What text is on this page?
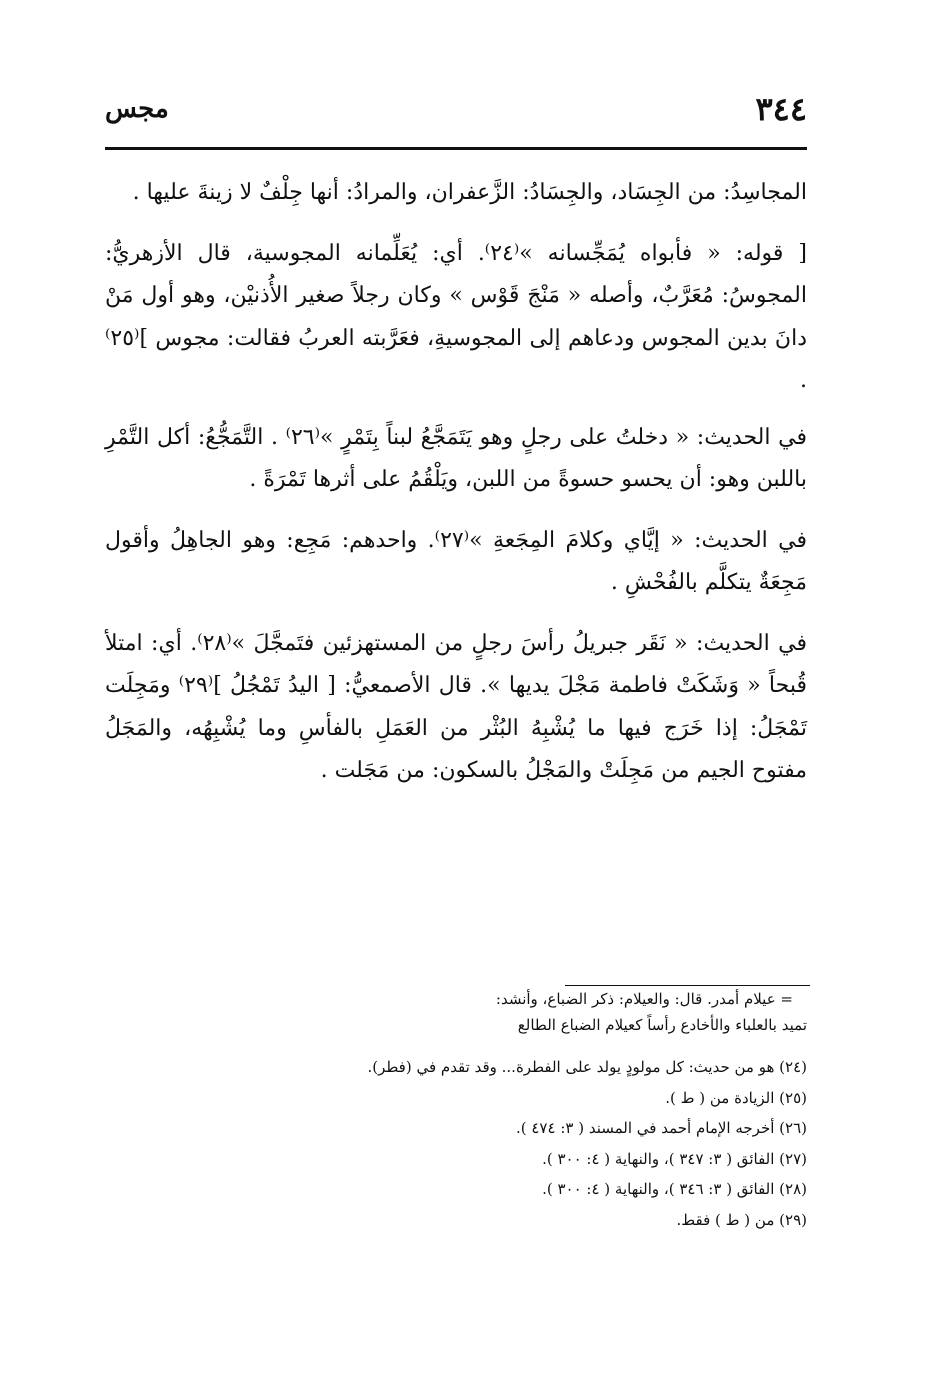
٣٤٤
مجس

المجاسِدُ: من الجِسَاد، والجِسَادُ: الزَّعفران، والمرادُ: أنها جِلْفٌ لا زينةَ عليها .

[ قوله: « فأبواه يُمَجِّسانه »⁽٢٤⁾. أي: يُعَلِّمانه المجوسية، قال الأزهريُّ: المجوسُ: مُعَرَّبٌ، وأصله « مَنْجَ قَوْس » وكان رجلاً صغير الأُذنيْن، وهو أول مَنْ دانَ بدين المجوس ودعاهم إلى المجوسيةِ، فعَرَّبته العربُ فقالت: مجوس ]⁽٢٥⁾ .

في الحديث: « دخلتُ على رجلٍ وهو يَتَمَجَّعُ لبناً بِتَمْرٍ »⁽٢٦⁾ . التَّمَجُّعُ: أكل التَّمْرِ باللبن وهو: أن يحسو حسوةً من اللبن، ويَلْقُمُ على أثرها تَمْرَةً .

في الحديث: « إيَّاي وكلامَ المِجَعةِ »⁽٢٧⁾. واحدهم: مَجِع: وهو الجاهِلُ وأقول مَجِعَةٌ يتكلَّم بالفُحْشِ .

في الحديث: « نَقَر جبريلُ رأسَ رجلٍ من المستهزئين فتَمجَّلَ »⁽٢٨⁾. أي: امتلأ قُبحاً « وَشَكَتْ فاطمة مَجْلَ يديها ». قال الأصمعيُّ: [ اليدُ تَمْجُلُ ]⁽٢٩⁾ ومَجِلَت تَمْجَلُ: إذا خَرَج فيها ما يُشْبِهُ البُثْر من العَمَلِ بالفأسِ وما يُشْبِهُه، والمَجَلُ مفتوح الجيم من مَجِلَتْ والمَجْلُ بالسكون: من مَجَلت .

= عيلام أمدر. قال: والعيلام: ذكر الضباع، وأنشد:

تميد بالعلباء والأخادع رأساً كعيلام الضباع الطالع

(٢٤) هو من حديث: كل مولودٍ يولد على الفطرة... وقد تقدم في (فطر).

(٢٥) الزيادة من ( ط ).

(٢٦) أخرجه الإمام أحمد في المسند ( ٣: ٤٧٤ ).

(٢٧) الفائق ( ٣: ٣٤٧ )، والنهاية ( ٤: ٣٠٠ ).

(٢٨) الفائق ( ٣: ٣٤٦ )، والنهاية ( ٤: ٣٠٠ ).

(٢٩) من ( ط ) فقط.
